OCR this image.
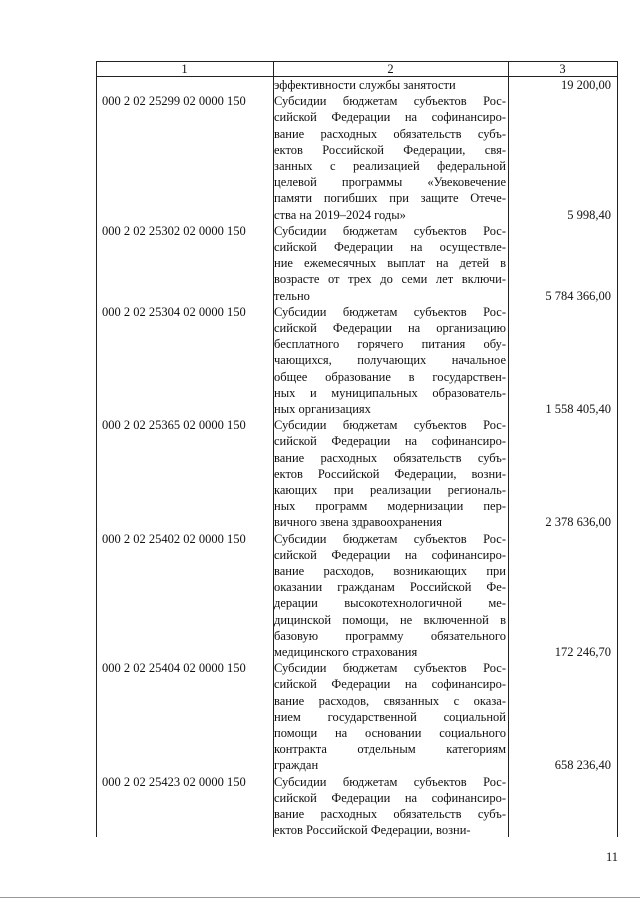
1	2	3
эффективности службы занятости	19 200,00
000 2 02 25299 02 0000 150	Субсидии бюджетам субъектов Рос-
сийской Федерации на софинансиро-
вание расходных обязательств субъ-
ектов Российской Федерации, свя-
занных с реализацией федеральной
целевой программы «Увековечение
памяти погибших при защите Отече-
ства на 2019–2024 годы»	5 998,40
000 2 02 25302 02 0000 150	Субсидии бюджетам субъектов Рос-
сийской Федерации на осуществле-
ние ежемесячных выплат на детей в
возрасте от трех до семи лет включи-
тельно	5 784 366,00
000 2 02 25304 02 0000 150	Субсидии бюджетам субъектов Рос-
сийской Федерации на организацию
бесплатного горячего питания обу-
чающихся, получающих начальное
общее образование в государствен-
ных и муниципальных образователь-
ных организациях	1 558 405,40
000 2 02 25365 02 0000 150	Субсидии бюджетам субъектов Рос-
сийской Федерации на софинансиро-
вание расходных обязательств субъ-
ектов Российской Федерации, возни-
кающих при реализации региональ-
ных программ модернизации пер-
вичного звена здравоохранения	2 378 636,00
000 2 02 25402 02 0000 150	Субсидии бюджетам субъектов Рос-
сийской Федерации на софинансиро-
вание расходов, возникающих при
оказании гражданам Российской Фе-
дерации высокотехнологичной ме-
дицинской помощи, не включенной в
базовую программу обязательного
медицинского страхования	172 246,70
000 2 02 25404 02 0000 150	Субсидии бюджетам субъектов Рос-
сийской Федерации на софинансиро-
вание расходов, связанных с оказа-
нием государственной социальной
помощи на основании социального
контракта отдельным категориям
граждан	658 236,40
000 2 02 25423 02 0000 150	Субсидии бюджетам субъектов Рос-
сийской Федерации на софинансиро-
вание расходных обязательств субъ-
ектов Российской Федерации, возни-
11
